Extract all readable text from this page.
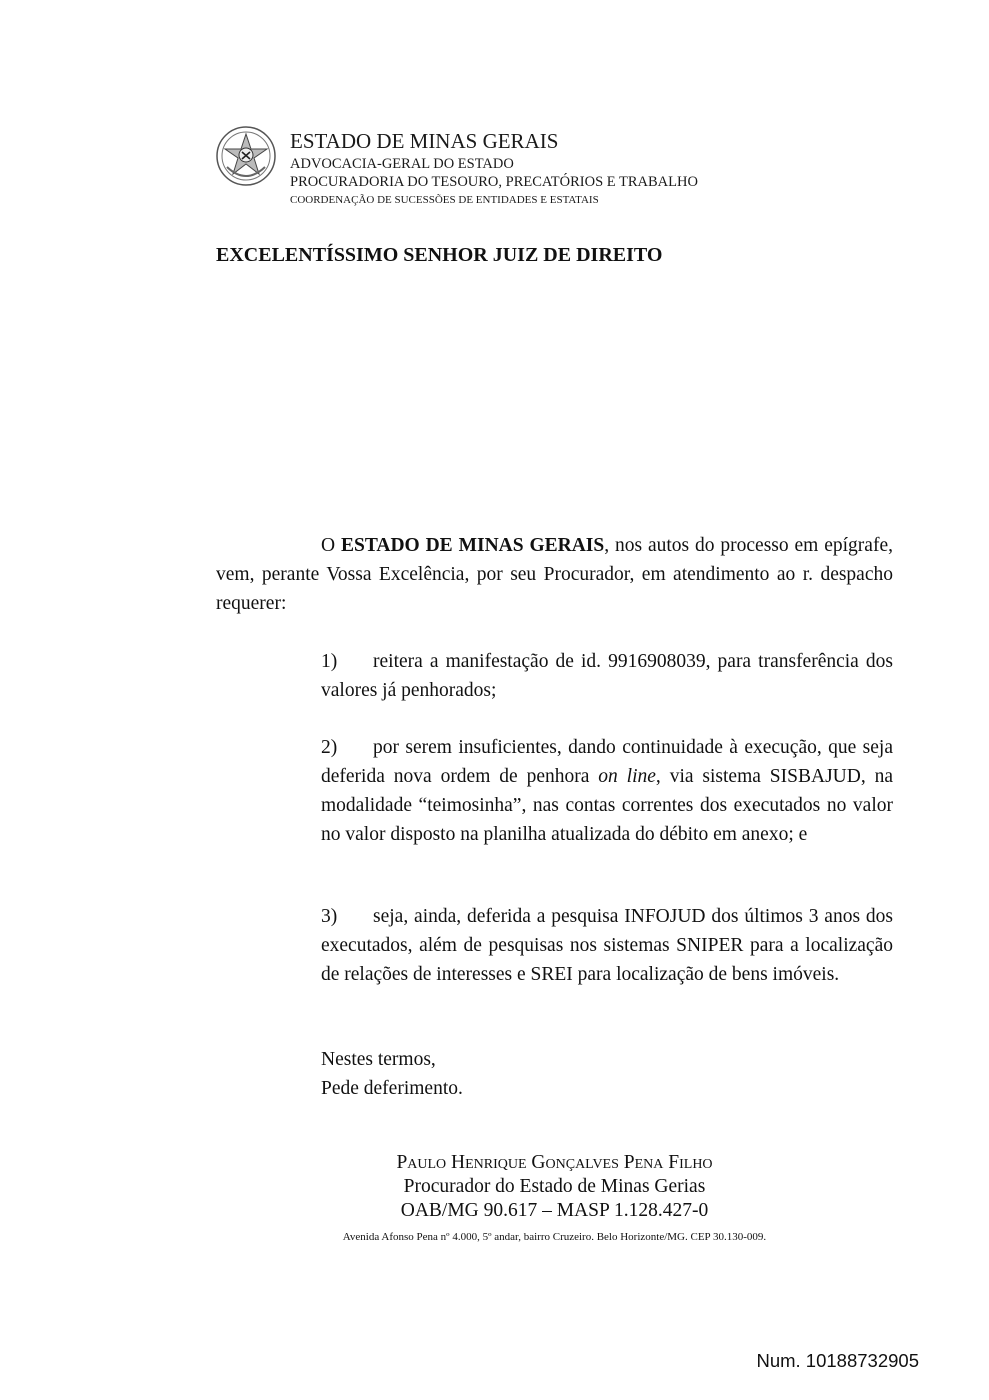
ESTADO DE MINAS GERAIS
ADVOCACIA-GERAL DO ESTADO
PROCURADORIA DO TESOURO, PRECATÓRIOS E TRABALHO
COORDENAÇÃO DE SUCESSÕES DE ENTIDADES E ESTATAIS
EXCELENTÍSSIMO SENHOR JUIZ DE DIREITO
O ESTADO DE MINAS GERAIS, nos autos do processo em epígrafe, vem, perante Vossa Excelência, por seu Procurador, em atendimento ao r. despacho requerer:
1) reitera a manifestação de id. 9916908039, para transferência dos valores já penhorados;
2) por serem insuficientes, dando continuidade à execução, que seja deferida nova ordem de penhora on line, via sistema SISBAJUD, na modalidade “teimosinha”, nas contas correntes dos executados no valor no valor disposto na planilha atualizada do débito em anexo; e
3) seja, ainda, deferida a pesquisa INFOJUD dos últimos 3 anos dos executados, além de pesquisas nos sistemas SNIPER para a localização de relações de interesses e SREI para localização de bens imóveis.
Nestes termos,
Pede deferimento.
Paulo Henrique Gonçalves Pena Filho
Procurador do Estado de Minas Gerias
OAB/MG 90.617 – MASP 1.128.427-0
Avenida Afonso Pena nº 4.000, 5º andar, bairro Cruzeiro. Belo Horizonte/MG. CEP 30.130-009.
Num. 10188732905
